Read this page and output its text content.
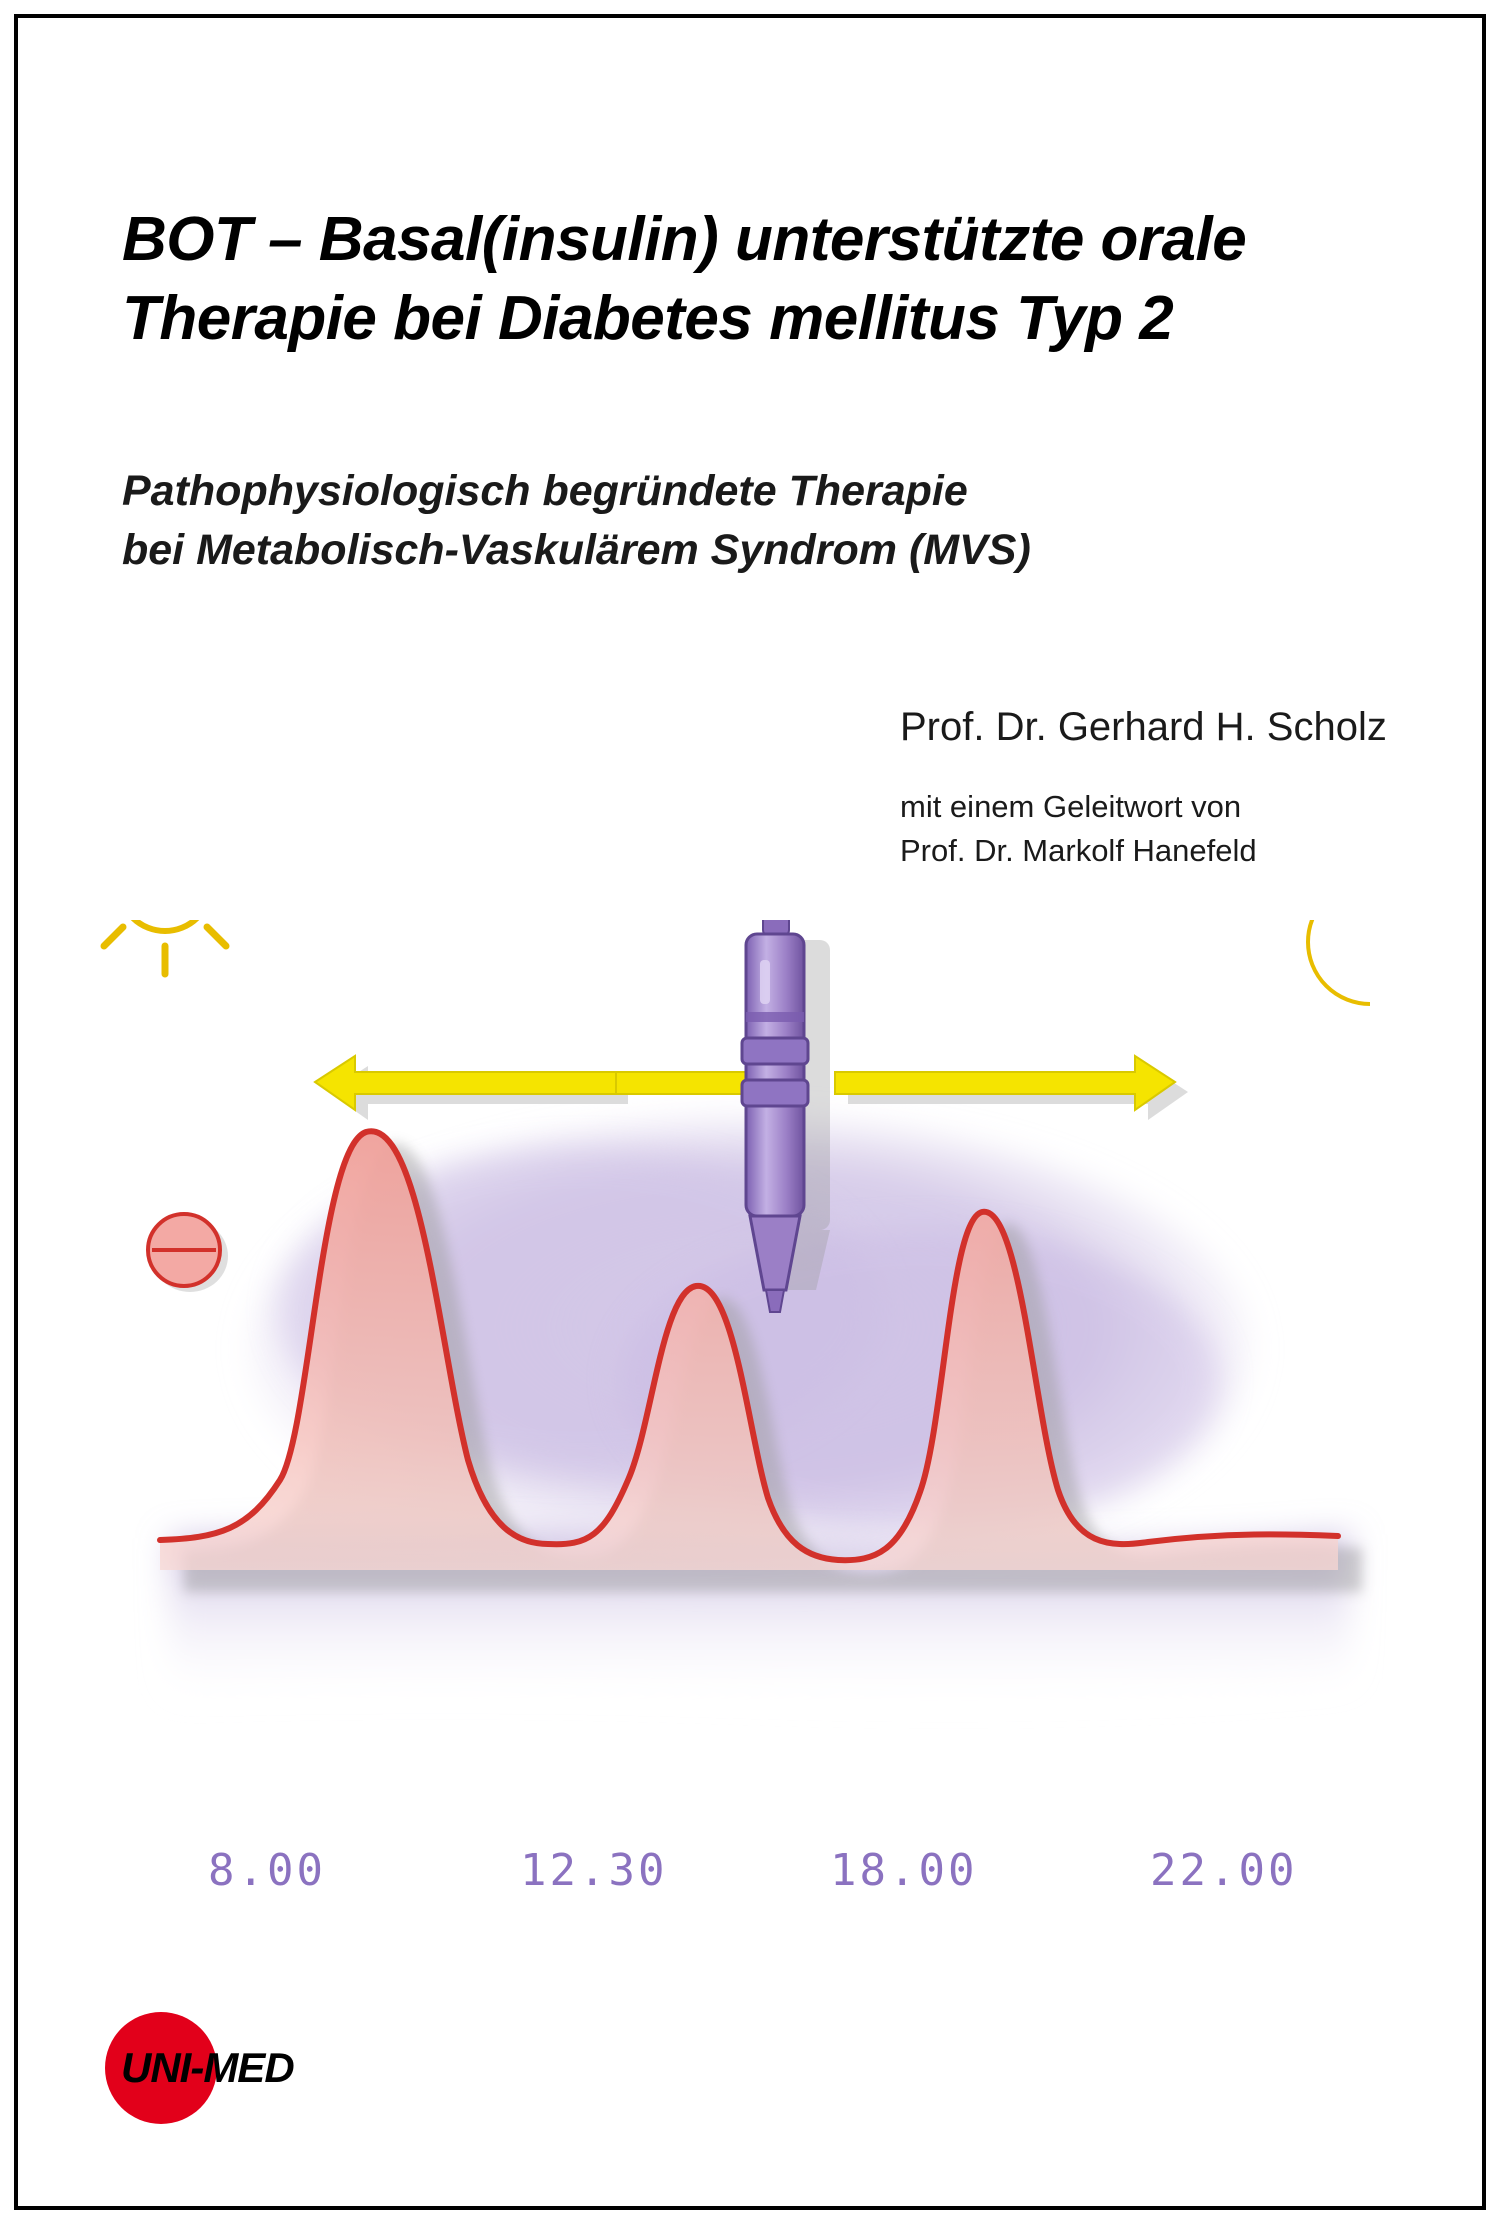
BOT – Basal(insulin) unterstützte orale
Therapie bei Diabetes mellitus Typ 2
Pathophysiologisch begründete Therapie
bei Metabolisch-Vaskulärem Syndrom (MVS)
Prof. Dr. Gerhard H. Scholz
mit einem Geleitwort von
Prof. Dr. Markolf Hanefeld
8.00	12.30	18.00	22.00
UNI-MED
